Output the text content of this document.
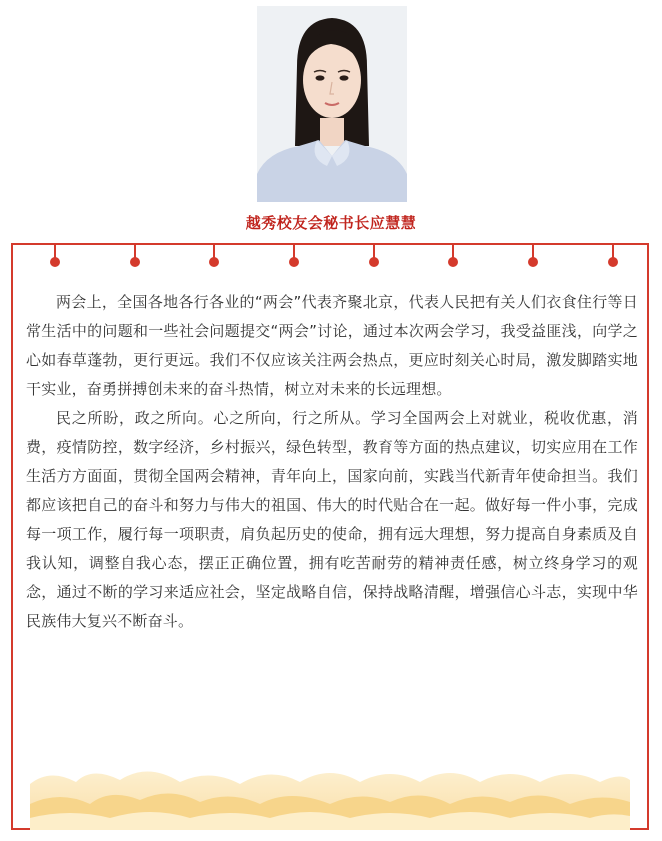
越秀校友会秘书长应慧慧

两会上，全国各地各行各业的“两会”代表齐聚北京，代表人民把有关人们衣食住行等日常生活中的问题和一些社会问题提交“两会”讨论，通过本次两会学习，我受益匪浅，向学之心如春草蓬勃，更行更远。我们不仅应该关注两会热点，更应时刻关心时局，激发脚踏实地干实业，奋勇拼搏创未来的奋斗热情，树立对未来的长远理想。

民之所盼，政之所向。心之所向，行之所从。学习全国两会上对就业，税收优惠，消费，疫情防控，数字经济，乡村振兴，绿色转型，教育等方面的热点建议，切实应用在工作生活方方面面，贯彻全国两会精神，青年向上，国家向前，实践当代新青年使命担当。我们都应该把自己的奋斗和努力与伟大的祖国、伟大的时代贴合在一起。做好每一件小事，完成每一项工作，履行每一项职责，肩负起历史的使命，拥有远大理想，努力提高自身素质及自我认知，调整自我心态，摆正正确位置，拥有吃苦耐劳的精神责任感，树立终身学习的观念，通过不断的学习来适应社会，坚定战略自信，保持战略清醒，增强信心斗志，实现中华民族伟大复兴不断奋斗。
